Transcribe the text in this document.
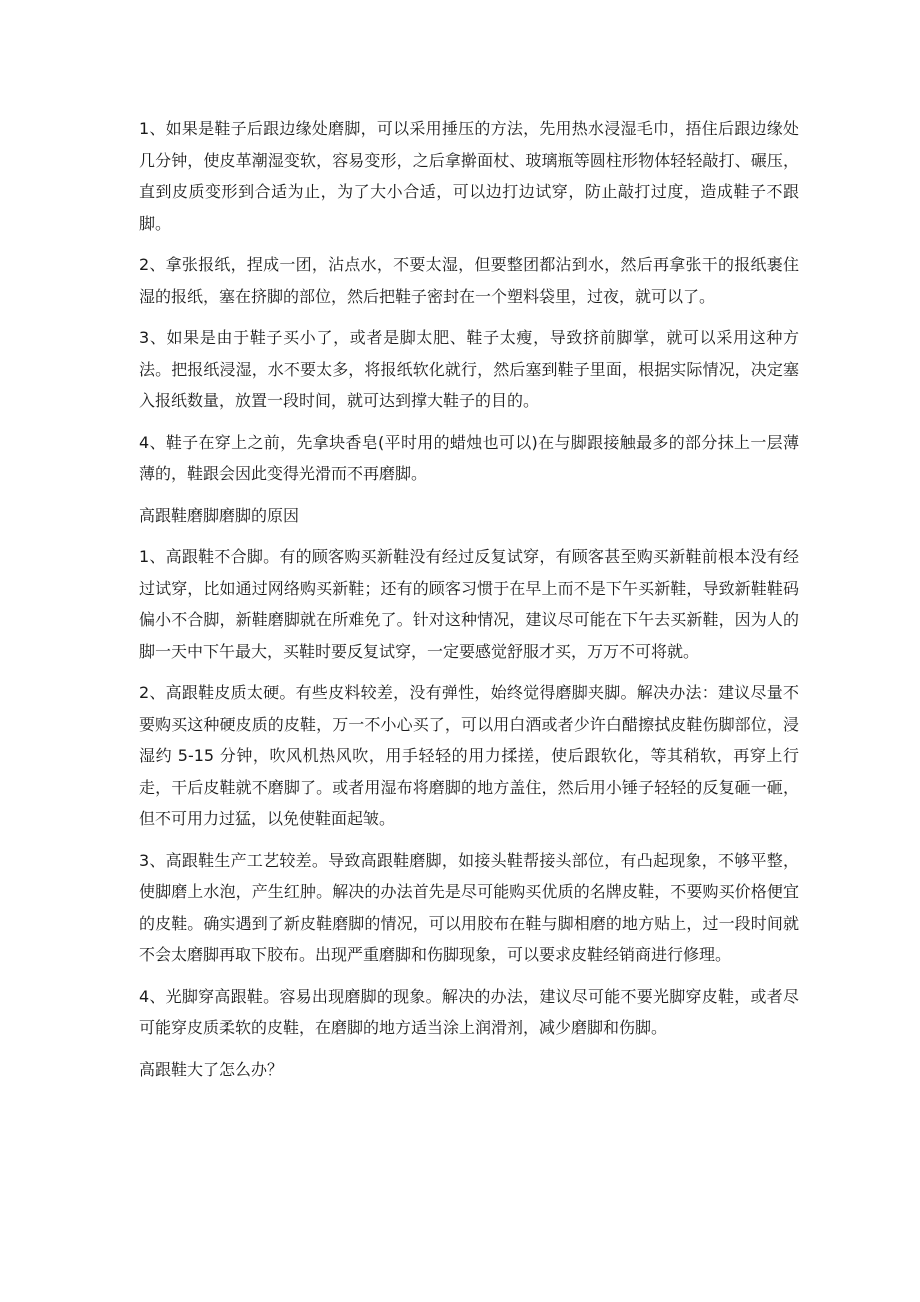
1、如果是鞋子后跟边缘处磨脚，可以采用捶压的方法，先用热水浸湿毛巾，捂住后跟边缘处几分钟，使皮革潮湿变软，容易变形，之后拿擀面杖、玻璃瓶等圆柱形物体轻轻敲打、碾压，直到皮质变形到合适为止，为了大小合适，可以边打边试穿，防止敲打过度，造成鞋子不跟脚。

2、拿张报纸，捏成一团，沾点水，不要太湿，但要整团都沾到水，然后再拿张干的报纸裹住湿的报纸，塞在挤脚的部位，然后把鞋子密封在一个塑料袋里，过夜，就可以了。

3、如果是由于鞋子买小了，或者是脚太肥、鞋子太瘦，导致挤前脚掌，就可以采用这种方法。把报纸浸湿，水不要太多，将报纸软化就行，然后塞到鞋子里面，根据实际情况，决定塞入报纸数量，放置一段时间，就可达到撑大鞋子的目的。

4、鞋子在穿上之前，先拿块香皂(平时用的蜡烛也可以)在与脚跟接触最多的部分抹上一层薄薄的，鞋跟会因此变得光滑而不再磨脚。

高跟鞋磨脚磨脚的原因

1、高跟鞋不合脚。有的顾客购买新鞋没有经过反复试穿，有顾客甚至购买新鞋前根本没有经过试穿，比如通过网络购买新鞋；还有的顾客习惯于在早上而不是下午买新鞋，导致新鞋鞋码偏小不合脚，新鞋磨脚就在所难免了。针对这种情况，建议尽可能在下午去买新鞋，因为人的脚一天中下午最大，买鞋时要反复试穿，一定要感觉舒服才买，万万不可将就。

2、高跟鞋皮质太硬。有些皮料较差，没有弹性，始终觉得磨脚夹脚。解决办法：建议尽量不要购买这种硬皮质的皮鞋，万一不小心买了，可以用白酒或者少许白醋擦拭皮鞋伤脚部位，浸湿约 5-15 分钟，吹风机热风吹，用手轻轻的用力揉搓，使后跟软化，等其稍软，再穿上行走，干后皮鞋就不磨脚了。或者用湿布将磨脚的地方盖住，然后用小锤子轻轻的反复砸一砸，但不可用力过猛，以免使鞋面起皱。

3、高跟鞋生产工艺较差。导致高跟鞋磨脚，如接头鞋帮接头部位，有凸起现象，不够平整，使脚磨上水泡，产生红肿。解决的办法首先是尽可能购买优质的名牌皮鞋，不要购买价格便宜的皮鞋。确实遇到了新皮鞋磨脚的情况，可以用胶布在鞋与脚相磨的地方贴上，过一段时间就不会太磨脚再取下胶布。出现严重磨脚和伤脚现象，可以要求皮鞋经销商进行修理。

4、光脚穿高跟鞋。容易出现磨脚的现象。解决的办法，建议尽可能不要光脚穿皮鞋，或者尽可能穿皮质柔软的皮鞋，在磨脚的地方适当涂上润滑剂，减少磨脚和伤脚。

高跟鞋大了怎么办？
